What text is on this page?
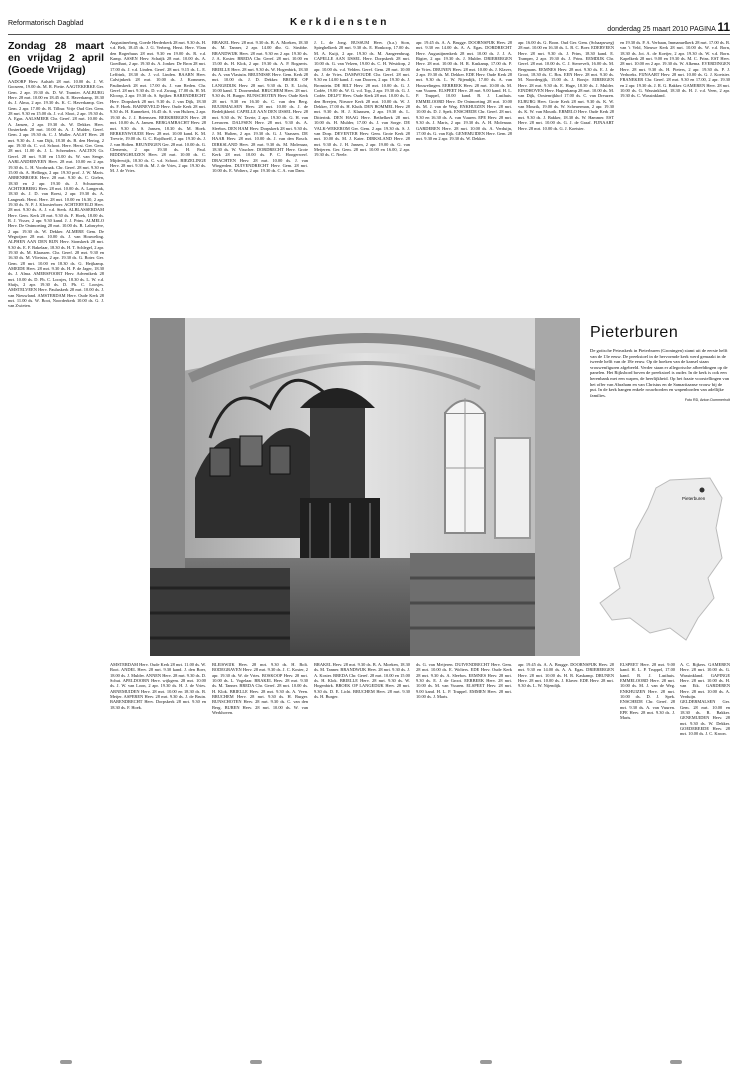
Reformatorisch Dagblad	Kerkdiensten
donderdag 25 maart 2010 PAGINA 11
Zondag 28 maart en vrijdag 2 april (Goede Vrijdag)

AADORP Herv. Aalstrh 28 mrt. 10.00 ds. J. W. Gooseen, 19.00 ds. M. R. Piette. AAGTEKERKE Ger. Gem. 2 apr. 19.30 ds. D. W. Tramier. AALBURG Herv. 28 mrt. 10.00 en 18.45 ds. E. Haverkamp, 18.30 ds. J. Alma, 2 apr. 19.30 ds. K. C. Haverkamp. Ger. Gem. 2 apr. 17.00 ds. R. Tilbur. Vrije Oud Ger. Gem. 28 mrt. 9.30 en 15.00 ds. J. v.d. Sloot, 2 apr. 19.30 ds. A. Egas. AALSMEER Chr. Geref. 28 mrt. 10.00 ds. A. Jansen, 2 apr. 19.30 ds. W. Dekker. Herv. Oosterkerk 28 mrt. 10.00 ds. A. J. Mulder, Geref. Gem. 2 apr. 19.30 ds. C. J. Muller. AALST Herv. 28 mrt. 9.30 ds. J. van Dijk, 18.30 ds. B. den Hertog, 2 apr. 19.30 ds. C. v.d. Schoot. Herv. Herst. Ger. Gem. 28 mrt. 11.00 ds. J. L. Schreuders. AALTEN Gr. Geref. 28 mrt. 9.30 en 15.00 ds. W. van Senge. AARLANDERVEEN Herv. 28 mrt. 10.00 en 2 apr. 19.30 ds. L. H. Voorbraak. Chr. Geref. 28 mrt. 9.30 en 15.00 ds. A. Hellinga, 2 apr. 19.30 prof. J. W. Maris. ABBENBROEK Herv. 28 mrt. 9.30 ds. C. Gielen, 18.30 en 2 apr. 19.30 ds. J. Schuurman. ACHTERBERG Herv. 28 mrt. 10.00 ds. A. Langerak, 18.30 ds. J. D. van Roest, 2 apr. 19.30 ds. A. Langerak. Herst. Herv. 28 mrt. 10.00 en 16.30, 2 apr. 19.30 ds. N. P. J. Kloosterboer. ACHTERVELD Herv. 28 mrt. 9.30 ds. A. J. v.d. Sterk. ALBLASSERDAM Herv. Gem. Kerk 28 mrt. 9.30 ds. F. Hoek, 18.00 ds. R. J. Visser, 2 apr. 9.30 kand. J. J. Prins. ALMELO Herv. De Ontmoeting 28 mrt. 10.00 ds. B. Labruyère, 2 apr. 19.30 ds. W. Dekker. ALMERE Gem. De Wegwijzer 28 mrt. 10.00 ds. J. van Houweling. ALPHEN AAN DEN RIJN Herv. Sionskerk 28 mrt. 9.30 ds. E. F. Bakelaar, 18.30 ds. H. T. Schlegel, 2 apr. 19.30 ds. M. Klaassen. Chr. Geref. 28 mrt. 9.30 en 16.30 ds. M. Vlietstra, 2 apr. 19.30 ds. G. Boter. Ger. Gem. 28 mrt. 10.00 en 18.30 ds. G. Heijkamp. AMEIDE Herv. 28 mrt. 9.30 ds. H. P. de Jager, 18.30 ds. J. Alma. AMERSFOORT Herv. Adventkerk 28 mrt. 10.00 ds. D. Ph. C. Loosjes, 18.30 ds. L. W. v.d. Sluijs, 2 apr. 19.30 ds. D. Ph. C. Loosjes. AMSTELVEEN Herv. Pauluskerk 28 mrt. 10.00 ds. J. van Nieuwland. AMSTERDAM Herv. Oude Kerk 28 mrt. 11.00 ds. W. Boot, Noorderkerk 10.00 ds. G. J. van Zwieten.

Augustinerberg, Goede Herderkerk 28 mrt. 9.30 ds. H. v.d. Belt, 18.45 ds. J. G. Verberg, Herst. Herv. Vlam den Rogerhuus 28 mrt. 9.30 en 19.00 ds. R. v.d. Kamp. ASSEN Herv. Schaijk 28 mrt. 10.00 ds. A. Goedhart, 2 apr. 19.30 ds. A. Jonker. De Bron 28 mrt. 17.00 ds. J. v.d. Linden. Geref. 28 mrt. 9.15 ds. L. E. Leffrink, 18.30 ds. J. v.d. Linden. BAARN Herv. Calvijnkerk 28 mrt. 10.00 ds. J. Kommers, Paulinskerk 28 mrt. 17.00 ds. J. van Reden. Chr. Geref. 28 mrt. 9.30 ds. D. v.d. Zwaag, 17.00 ds. H. M. Kloosp, 2 apr. 19.30 ds. S. Spijker. BARENDRECHT Herv. Dorpskerk 28 mrt. 9.30 ds. J. van Dijk, 18.30 ds. F. Hoek. BARNEVELD Herv. Oude Kerk 28 mrt. 9.30 ds. H. Kunnekert, 16.45 ds. S. van Hulzen, 2 apr. 19.30 ds. J. J. Brienssen. BEEKBERGEN Herv. 28 mrt. 10.00 ds. A. Jansen. BERGAMBACHT Herv. 28 mrt. 9.30 ds. S. Jansen, 18.30 ds. M. Hoek. BERKENWOUDE Herv. 28 mrt. 10.00 kand. K. M. Trevrie, 19.00 ds. G. C. Rojdhoeff, 2 apr. 19.30 ds. J. J. van Holten. BEUNINGEN Ger. 28 mrt. 10.00 ds. G. Clements, 2 apr. 19.30 ds. H. Paul. BIDDINGHUIZEN Herv. 28 mrt. 10.00 ds. C. Mijderwijk, 18.30 ds. C. v.d. Schoot. BIEZELINGE Herv. 28 mrt. 9.30 ds. M. J. de Vries, 2 apr. 19.30 ds. M. J. de Vries.

BRAKEL Herv. 28 mrt. 9.30 ds. B. A. Moeken, 18.30 ds. M. Tanner, 2 apr. 14.00 dhr. G. Strubbe. BRANDWIJK Herv. 28 mrt. 9.30 en 2 apr. 19.30 ds. J. A. Koster. BREDA Chr. Geref. 28 mrt. 10.00 en 15.00 ds. H. Klok, 2 apr. 19.30 ds. A. P. Bogaerts. BRIELLE Herv. 28 mrt. 9.30 ds. W. Hogenbirk, 18.30 ds. A. van Vlastuin. BRUINISSE Herv. Gem. Kerk 28 mrt. 10.00 ds. J. D. Dekker. BROEK OP LANGEDIJK Herv. 28 mrt. 9.30 ds. D. E. Licht, 10.00 kand. T. Doornenbal. BRUCHEM Herv. 28 mrt. 9.30 ds. H. Burger. BUNSCHOTEN Herv. Oude Kerk 28 mrt. 9.30 en 16.30 ds. C. van den Berg. BUURMALSEN Herv. 28 mrt. 10.00 ds. J. de Redelijkheid. CAPELLE AAN DEN IJSSEL Herv. 28 mrt. 9.30 ds. W. Tavrie, 2 apr. 19.30 ds. G. H. van Leeuwen. DALFSEN Herv. 28 mrt. 9.30 ds. A. Sleebos. DEN HAM Herv. Dorpskerk 28 mrt. 9.30 ds. J. M. Hulten, 2 apr. 19.30 ds. G. J. Vaassen. DE HAAR Herv. 28 mrt. 10.00 ds. J. van den Bosch. DIRKSLAND Herv. 28 mrt. 9.30 ds. M. Molenaar, 18.30 ds. W. Visscher. DORDRECHT Herv. Grote Kerk 28 mrt. 10.00 ds. P. C. Hoogerwerf. DRACHTEN Herv. 28 mrt. 10.00 ds. J. van Wingerden. DUIVENDRECHT Herv. Gem. 28 mrt. 10.00 ds. E. Wolters, 2 apr. 19.30 ds. C. A. van Dam.

J. L. de Jong. BUSSUM Herv. (h.a.) Sion, Spieghelkerk 28 mrt. 9.30 ds. E. Honkoop, 17.00 ds. M. A. Kuijt, 2 apr. 19.30 ds. M. Aangeenbrug. CAPELLE AAN IJSSEL Herv. Dorpskerk 28 mrt. 10.00 ds. G. van Velzen, 19.00 ds. C. H. Westdorp, 2 apr. 10.00 ds. v.d. Velden. Geref. Gem. 28 mrt. 10.00 ds. J. de Vries. DAMWOUDE Chr. Geref. 28 mrt. 9.30 en 14.00 kand. J. van Dooren, 2 apr. 19.30 ds. J. Bronstein. DE BILT Herv. 28 mrt. 10.00 ds. G. J. Codée, 19.00 ds. W. G. v.d. Top, 2 apr. 19.30 ds. G. J. Codée. DELFT Herv. Oude Kerk 28 mrt. 10.00 ds. L. den Breejen, Nieuwe Kerk 28 mrt. 10.00 ds. W. J. Dekker, 17.00 ds. H. Kluth. DEN BOMMEL Herv. 28 mrt. 9.30 ds. H. J. Klaassen, 2 apr. 19.30 ds. L. Ditterink. DEN HAAG Herv. Bethelkerk 28 mrt. 10.00 ds. H. Mulder, 17.00 ds. J. van Sorge. DE VALK-WEKEROM Ger. Gem. 2 apr. 19.30 ds. S. J. van Dorp. DEVENTER Herv. Gem. Grote Kerk 28 mrt. 10.00 ds. M. J. Kater. DIRKSLAND Herv. 28 mrt. 9.30 ds. J. H. Jansen, 2 apr. 19.00 ds. G. van Meijeren. Ger. Gem. 28 mrt. 10.00 en 16.00, 2 apr. 19.30 ds. C. Neele.

apr. 19.45 ds. A. A. Brugge. DOORNSPIJK Herv. 28 mrt. 9.30 en 14.00 ds. A. A. Egas. DORDRECHT Herv. Augustijnenkerk 28 mrt. 10.00 ds. J. J. A. Rigter, 2 apr. 19.30 ds. J. Mulder. DRIEBERGEN Herv. 28 mrt. 10.00 ds. H. R. Kaskamp, 17.00 ds. P. de Vries. DRUNEN Herv. 28 mrt. 10.00 ds. J. Klaver, 2 apr. 19.30 ds. M. Dekker. EDE Herv. Oude Kerk 28 mrt. 9.30 ds. L. W. Nijendijk, 17.00 ds. A. van Houwelingen. EERBEEK Herv. 28 mrt. 10.00 ds. M. van Vuuren. ELSPEET Herv. 28 mrt. 9.00 kand. H. L. P. Truppel, 10.00 kand. B. J. Lasthuis. EMMELOORD Herv. De Ontmoeting 28 mrt. 10.00 ds. M. J. van de Weg. ENKHUIZEN Herv. 28 mrt. 10.00 ds. D. J. Spek. ENSCHEDE Chr. Geref. 28 mrt. 9.30 en 16.30 ds. A. van Vuuren. EPE Herv. 28 mrt. 9.30 ds. J. Maris, 2 apr. 19.30 ds. A. H. Molenaar. GARDEREN Herv. 28 mrt. 10.00 ds. A. Verduijn, 17.00 ds. G. van Eijk. GENEMUIDEN Herv. Gem. 28 mrt. 9.30 en 2 apr. 19.30 ds. W. Dekker.

apr. 16.00 ds. G. Boon. Oud Ger. Gem. (Schaapsweg) 28 mrt. 10.00 en 16.30 ds. L. B. C. Boer. EDERVEEN Herv. 28 mrt. 9.30 ds. J. Prins, 18.30 kand. E. Tramper, 2 apr. 19.30 ds. J. Prins. EEMDIJK Chr. Geref. 28 mrt. 10.00 ds. C. J. Sterrevelt, 16.00 ds. M. Bergmans. EEMNES Herv. 28 mrt. 9.30 ds. E. J. de Groot, 18.30 ds. C. Bos. EEN Herv. 28 mrt. 9.30 ds. M. Noordergijk, 15.00 ds. J. Borsje. EIBERGEN Herv. 28 mrt. 9.30 ds. E. Hage, 18.30 ds. J. Mulder. EINDHOVEN Herv. Hagenkamp 28 mrt. 10.00 ds. M. van Dijk, Oostenrijkhof 17.00 ds. C. van Dreuzen. ELBURG Herv. Grote Kerk 28 mrt. 9.30 ds. K. W. van Mourik, 19.00 ds. W. Scheuerman, 2 apr. 19.30 ds. K. W. van Mourik. ERMELO Herv. Oude Kerk 28 mrt. 9.30 ds. J. Bakker, 18.30 ds. W. Hammer. EST Herv. 28 mrt. 10.00 ds. G. J. de Graaf. FIJNAART Herv. 28 mrt. 10.00 ds. G. J. Koetsier.

en 19.30 ds. P. A. Verbaan, Immanuelkerk 28 mrt. 17.00 ds. B. van 't Veld, Nieuwe Kerk 28 mrt. 10.00 ds. W. v.d. Born, 18.30 ds. Jot. A. de Koeijer, 2 apr. 19.30 ds. W. v.d. Born. Kapelkerk 28 mrt. 9.00 en 19.30 ds. M. C. Prins. EST Herv. 28 mrt. 10.00 en 2 apr. 19.30 ds. W. Alkema. EVERDINGEN Herv. 28 mrt. 9.30 ds. H. Pieters, 2 apr. 19.30 ds. P. J. Verhoeks. FIJNAART Herv. 28 mrt. 10.00 ds. G. J. Koetsier. FRANEKER Chr. Geref. 28 mrt. 9.30 en 17.00, 2 apr. 19.30 en 2 apr. 19.30 ds. J. R. G. Bakker. GAMEREN Herv. 28 mrt. 10.00 ds. G. Wassinkland, 18.30 ds. H. J. v.d. Veen, 2 apr. 19.30 ds. C. Wassinkland.

Pieterburen
De gotische Petruskerk in Pieterburen (Groningen) stamt uit de eerste helft van de 13e eeuw. De preekstoel in de hervormde kerk werd gemaakt in de tweede helft van de 18e eeuw. Op de hoeken van de kansel staan vrouwenfiguren afgebeeld. Verder staan er allegorische afbeeldingen op de panelen. Het Rijksbord boven de preekstoel is ouder. In de kerk is ook een herenbank met een wapen, de heerlijkheid. Op het fraaie voorstellingen van het offer van Abraham en van Christus en de Samaritaanse vrouw bij de put. In de kerk hangen enkele rouwborden en wapenborden van adellijke families.
Foto RD, Anton Dommerholt
Pieterburen

AMSTERDAM Herv. Oude Kerk 28 mrt. 11.00 ds. W. Boot. ANDEL Herv. 28 mrt. 9.30 kand. J. den Boer, 18.00 ds. J. Mulder. ANNEN Herv. 28 mrt. 9.30 ds. D. Schut. APELDOORN Herv. wijkgem. 28 mrt. 10.00 ds. J. W. van Loon, 2 apr. 19.30 ds. H. J. de Vries. ARNEMUIDEN Herv. 28 mrt. 10.00 en 18.30 ds. B. Meijer. ASPEREN Herv. 28 mrt. 9.30 ds. J. de Bruin. BARENDRECHT Herv. Dorpskerk 28 mrt. 9.30 en 18.30 ds. F. Hoek.

BLEISWIJK Herv. 28 mrt. 9.30 ds. H. Bolt. BODEGRAVEN Herv. 28 mrt. 9.30 ds. J. C. Koster, 2 apr. 19.30 ds. W. de Vries. BOSKOOP Herv. 28 mrt. 10.00 ds. L. Vogelaar. BRAKEL Herv. 28 mrt. 9.30 ds. M. Tanner. BREDA Chr. Geref. 28 mrt. 10.00 ds. H. Klok. BRIELLE Herv. 28 mrt. 9.30 ds. A. Veen. BRUCHEM Herv. 28 mrt. 9.30 ds. H. Burger. BUNSCHOTEN Herv. 28 mrt. 9.30 ds. C. van den Berg. BUREN Herv. 28 mrt. 10.00 ds. W. van Werkhoven.

BRAKEL Herv. 28 mrt. 9.30 ds. B. A. Moeken, 18.30 ds. M. Tanner. BRANDWIJK Herv. 28 mrt. 9.30 ds. J. A. Koster. BREDA Chr. Geref. 28 mrt. 10.00 en 15.00 ds. H. Klok. BRIELLE Herv. 28 mrt. 9.30 ds. W. Hogenbirk. BROEK OP LANGEDIJK Herv. 28 mrt. 9.30 ds. D. E. Licht. BRUCHEM Herv. 28 mrt. 9.30 ds. H. Burger.

ds. G. van Meijeren. DUIVENDRECHT Herv. Gem. 28 mrt. 10.00 ds. E. Wolters. EDE Herv. Oude Kerk 28 mrt. 9.30 ds. A. Sleebos. EEMNES Herv. 28 mrt. 9.30 ds. E. J. de Groot. EERBEEK Herv. 28 mrt. 10.00 ds. M. van Vuuren. ELSPEET Herv. 28 mrt. 9.00 kand. H. L. P. Truppel. EMMEN Herv. 28 mrt. 10.00 ds. J. Maris.

apr. 19.45 ds. A. A. Brugge. DOORNSPIJK Herv. 28 mrt. 9.30 en 14.00 ds. A. A. Egas. DRIEBERGEN Herv. 28 mrt. 10.00 ds. H. R. Kaskamp. DRUNEN Herv. 28 mrt. 10.00 ds. J. Klaver. EDE Herv. 28 mrt. 9.30 ds. L. W. Nijendijk.

ELSPEET Herv. 28 mrt. 9.00 kand. H. L. P. Truppel, 17.00 kand. B. J. Lasthuis. EMMELOORD Herv. 28 mrt. 10.00 ds. M. J. van de Weg. ENKHUIZEN Herv. 28 mrt. 10.00 ds. D. J. Spek. ENSCHEDE Chr. Geref. 28 mrt. 9.30 ds. A. van Vuuren. EPE Herv. 28 mrt. 9.30 ds. J. Maris.

A. C. Rijkers. GAMEREN Herv. 28 mrt. 10.00 ds. G. Wassinkland. GAPINGE Herv. 28 mrt. 10.00 ds. H. van Eik. GARDEREN Herv. 28 mrt. 10.00 ds. A. Verduijn. GELDERMALSEN Ger. Gem. 28 mrt. 10.00 en 18.30 ds. R. Bakker. GENEMUIDEN Herv. 28 mrt. 9.30 ds. W. Dekker. GOEDEREEDE Herv. 28 mrt. 10.00 ds. J. C. Kroon.
